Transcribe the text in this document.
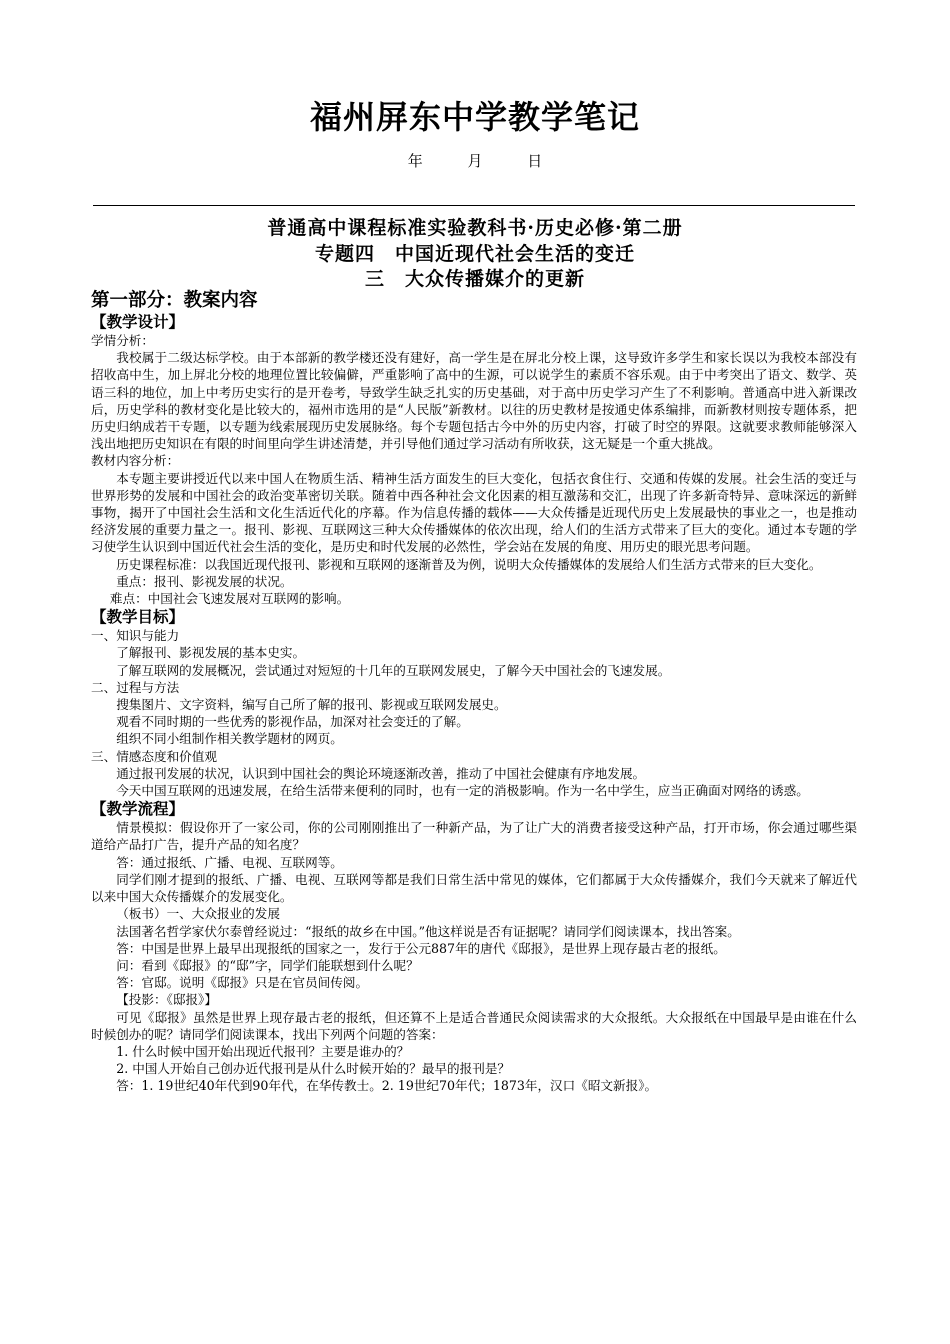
福州屏东中学教学笔记
年	月	日
普通高中课程标准实验教科书·历史必修·第二册
专题四　中国近现代社会生活的变迁
三　大众传播媒介的更新

第一部分：教案内容

【教学设计】

学情分析：

我校属于二级达标学校。由于本部新的教学楼还没有建好，高一学生是在屏北分校上课，这导致许多学生和家长误以为我校本部没有招收高中生，加上屏北分校的地理位置比较偏僻，严重影响了高中的生源，可以说学生的素质不容乐观。由于中考突出了语文、数学、英语三科的地位，加上中考历史实行的是开卷考，导致学生缺乏扎实的历史基础，对于高中历史学习产生了不利影响。普通高中进入新课改后，历史学科的教材变化是比较大的，福州市选用的是“人民版”新教材。以往的历史教材是按通史体系编排，而新教材则按专题体系，把历史归纳成若干专题，以专题为线索展现历史发展脉络。每个专题包括古今中外的历史内容，打破了时空的界限。这就要求教师能够深入浅出地把历史知识在有限的时间里向学生讲述清楚，并引导他们通过学习活动有所收获，这无疑是一个重大挑战。

教材内容分析：

本专题主要讲授近代以来中国人在物质生活、精神生活方面发生的巨大变化，包括衣食住行、交通和传媒的发展。社会生活的变迁与世界形势的发展和中国社会的政治变革密切关联。随着中西各种社会文化因素的相互激荡和交汇，出现了许多新奇特异、意味深远的新鲜事物，揭开了中国社会生活和文化生活近代化的序幕。作为信息传播的载体——大众传播是近现代历史上发展最快的事业之一，也是推动经济发展的重要力量之一。报刊、影视、互联网这三种大众传播媒体的依次出现，给人们的生活方式带来了巨大的变化。通过本专题的学习使学生认识到中国近代社会生活的变化，是历史和时代发展的必然性，学会站在发展的角度、用历史的眼光思考问题。

历史课程标准：以我国近现代报刊、影视和互联网的逐渐普及为例，说明大众传播媒体的发展给人们生活方式带来的巨大变化。

重点：报刊、影视发展的状况。

难点：中国社会飞速发展对互联网的影响。

【教学目标】

一、知识与能力

了解报刊、影视发展的基本史实。

了解互联网的发展概况，尝试通过对短短的十几年的互联网发展史，了解今天中国社会的飞速发展。

二、过程与方法

搜集图片、文字资料，编写自己所了解的报刊、影视或互联网发展史。

观看不同时期的一些优秀的影视作品，加深对社会变迁的了解。

组织不同小组制作相关教学题材的网页。

三、情感态度和价值观

通过报刊发展的状况，认识到中国社会的舆论环境逐渐改善，推动了中国社会健康有序地发展。

今天中国互联网的迅速发展，在给生活带来便利的同时，也有一定的消极影响。作为一名中学生，应当正确面对网络的诱惑。

【教学流程】

情景模拟：假设你开了一家公司，你的公司刚刚推出了一种新产品，为了让广大的消费者接受这种产品，打开市场，你会通过哪些渠道给产品打广告，提升产品的知名度？

答：通过报纸、广播、电视、互联网等。

同学们刚才提到的报纸、广播、电视、互联网等都是我们日常生活中常见的媒体，它们都属于大众传播媒介，我们今天就来了解近代以来中国大众传播媒介的发展变化。

（板书）一、大众报业的发展

法国著名哲学家伏尔泰曾经说过：“报纸的故乡在中国。”他这样说是否有证据呢？请同学们阅读课本，找出答案。

答：中国是世界上最早出现报纸的国家之一，发行于公元887年的唐代《邸报》，是世界上现存最古老的报纸。

问：看到《邸报》的“邸”字，同学们能联想到什么呢？

答：官邸。说明《邸报》只是在官员间传阅。

【投影：《邸报》】

可见《邸报》虽然是世界上现存最古老的报纸，但还算不上是适合普通民众阅读需求的大众报纸。大众报纸在中国最早是由谁在什么时候创办的呢？请同学们阅读课本，找出下列两个问题的答案：

1. 什么时候中国开始出现近代报刊？主要是谁办的？

2. 中国人开始自己创办近代报刊是从什么时候开始的？最早的报刊是？

答：1. 19世纪40年代到90年代，在华传教士。2. 19世纪70年代；1873年，汉口《昭文新报》。
